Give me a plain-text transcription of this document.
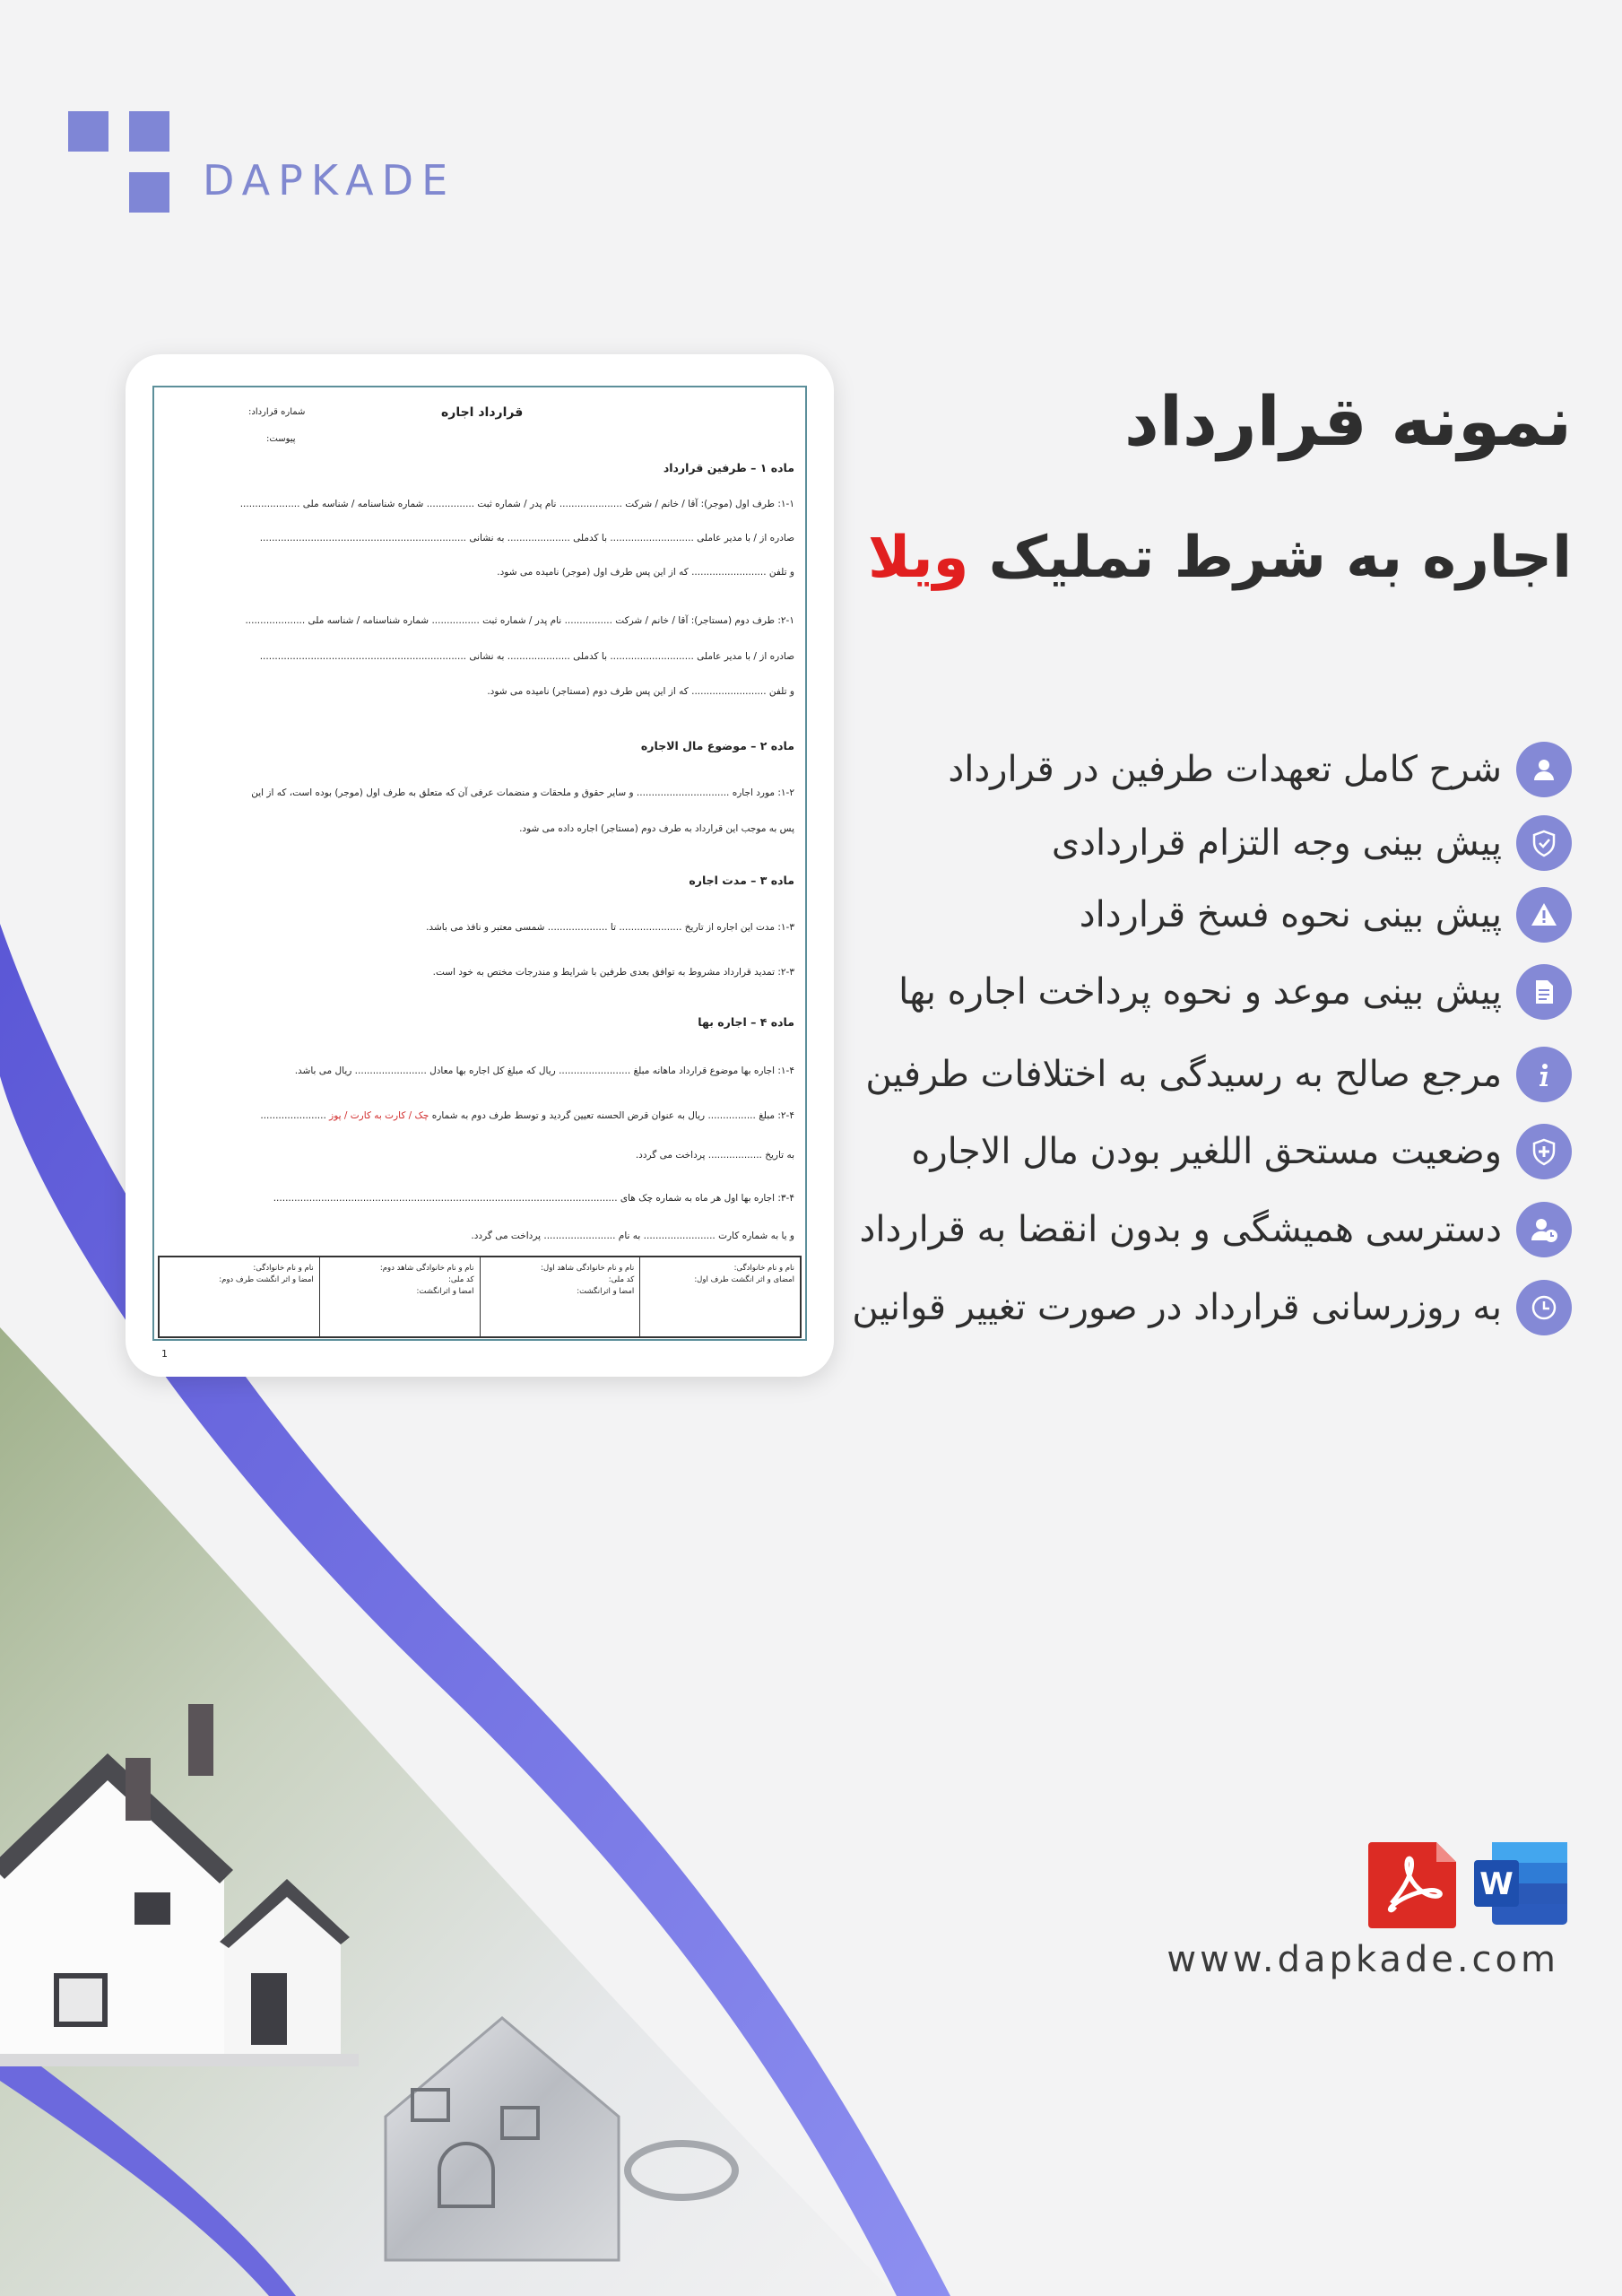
DAPKADE
قرارداد اجاره
شماره قرارداد:
پیوست:
ماده ۱ – طرفین قرارداد
۱-۱: طرف اول (موجر): آقا / خانم / شرکت ..................... نام پدر / شماره ثبت ................ شماره شناسنامه / شناسه ملی ....................
صادره از / با مدیر عاملی ............................ با کدملی ..................... به نشانی .....................................................................
و تلفن ......................... که از این پس طرف اول (موجر) نامیده می شود.
۲-۱: طرف دوم (مستاجر): آقا / خانم / شرکت ................ نام پدر / شماره ثبت ................ شماره شناسنامه / شناسه ملی ....................
صادره از / با مدیر عاملی ............................ با کدملی ..................... به نشانی .....................................................................
و تلفن ......................... که از این پس طرف دوم (مستاجر) نامیده می شود.
ماده ۲ – موضوع مال الاجاره
۱-۲: مورد اجاره ............................... و سایر حقوق و ملحقات و منضمات عرفی آن که متعلق به طرف اول (موجر) بوده است، که از این
پس به موجب این قرارداد به طرف دوم (مستاجر) اجاره داده می شود.
ماده ۳ – مدت اجاره
۱-۳: مدت این اجاره از تاریخ ..................... تا .................... شمسی معتبر و نافذ می باشد.
۲-۳: تمدید قرارداد مشروط به توافق بعدی طرفین با شرایط و مندرجات مختص به خود است.
ماده ۴ – اجاره بها
۱-۴: اجاره بها موضوع قرارداد ماهانه مبلغ ........................ ریال که مبلغ کل اجاره بها معادل ........................ ریال می باشد.
۲-۴: مبلغ ................ ریال به عنوان قرض الحسنه تعیین گردید و توسط طرف دوم به شماره چک / کارت به کارت / پوز ......................
به تاریخ .................. پرداخت می گردد.
۳-۴: اجاره بها اول هر ماه به شماره چک های ...................................................................................................................
و یا به شماره کارت ........................ به نام ........................ پرداخت می گردد.
نام و نام خانوادگی:
امضای و اثر انگشت طرف اول:
نام و نام خانوادگی شاهد اول:
کد ملی:
امضا و اثرانگشت:
نام و نام خانوادگی شاهد دوم:
کد ملی:
امضا و اثرانگشت:
نام و نام خانوادگی:
امضا و اثر انگشت طرف دوم:
1
نمونه قرارداد
اجاره به شرط تملیک ویلا
شرح کامل تعهدات طرفین در قرارداد
پیش بینی وجه التزام قراردادی
پیش بینی نحوه فسخ قرارداد
پیش بینی موعد و نحوه پرداخت اجاره بها
مرجع صالح به رسیدگی به اختلافات طرفین
وضعیت مستحق اللغیر بودن مال الاجاره
دسترسی همیشگی و بدون انقضا به قرارداد
به روزرسانی قرارداد در صورت تغییر قوانین
W
www.dapkade.com
